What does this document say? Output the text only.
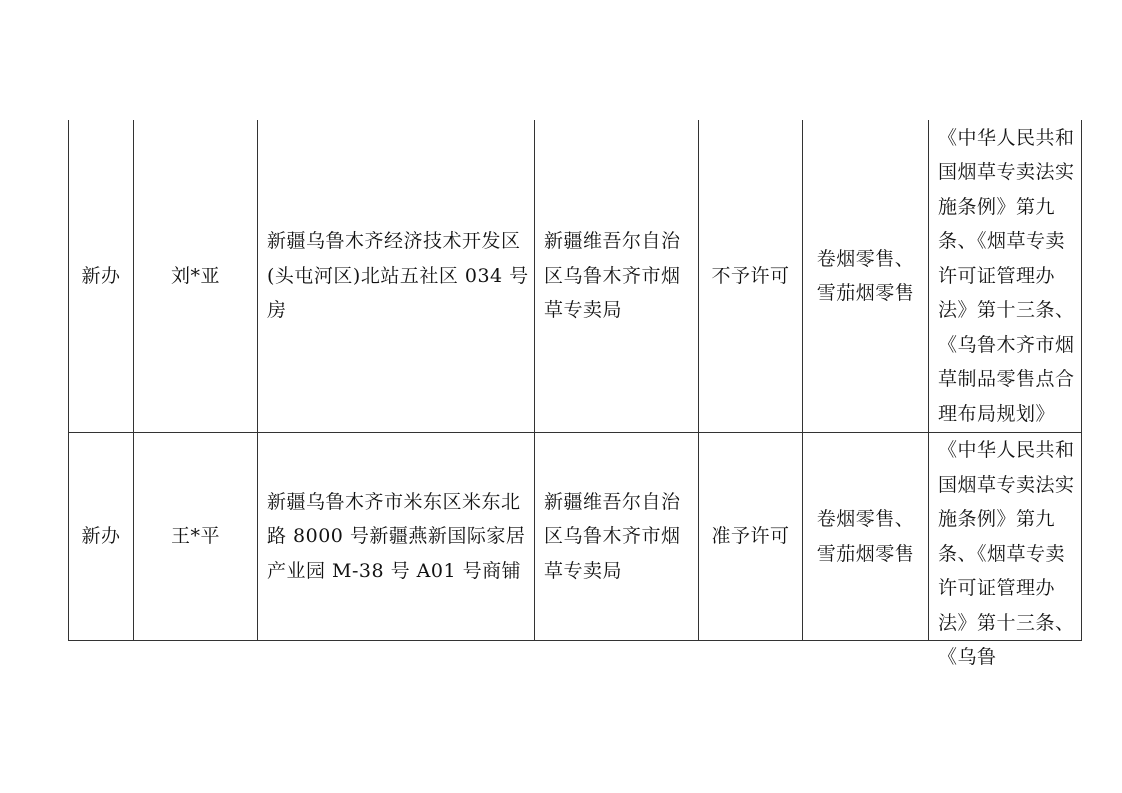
新办	刘*亚	新疆乌鲁木齐经济技术开发区(头屯河区)北站五社区 034 号房	新疆维吾尔自治区乌鲁木齐市烟草专卖局	不予许可	卷烟零售、雪茄烟零售	《中华人民共和国烟草专卖法实施条例》第九条、《烟草专卖许可证管理办法》第十三条、《乌鲁木齐市烟草制品零售点合理布局规划》

新办	王*平	新疆乌鲁木齐市米东区米东北路 8000 号新疆燕新国际家居产业园 M-38 号 A01 号商铺	新疆维吾尔自治区乌鲁木齐市烟草专卖局	准予许可	卷烟零售、雪茄烟零售	《中华人民共和国烟草专卖法实施条例》第九条、《烟草专卖许可证管理办法》第十三条、《乌鲁
